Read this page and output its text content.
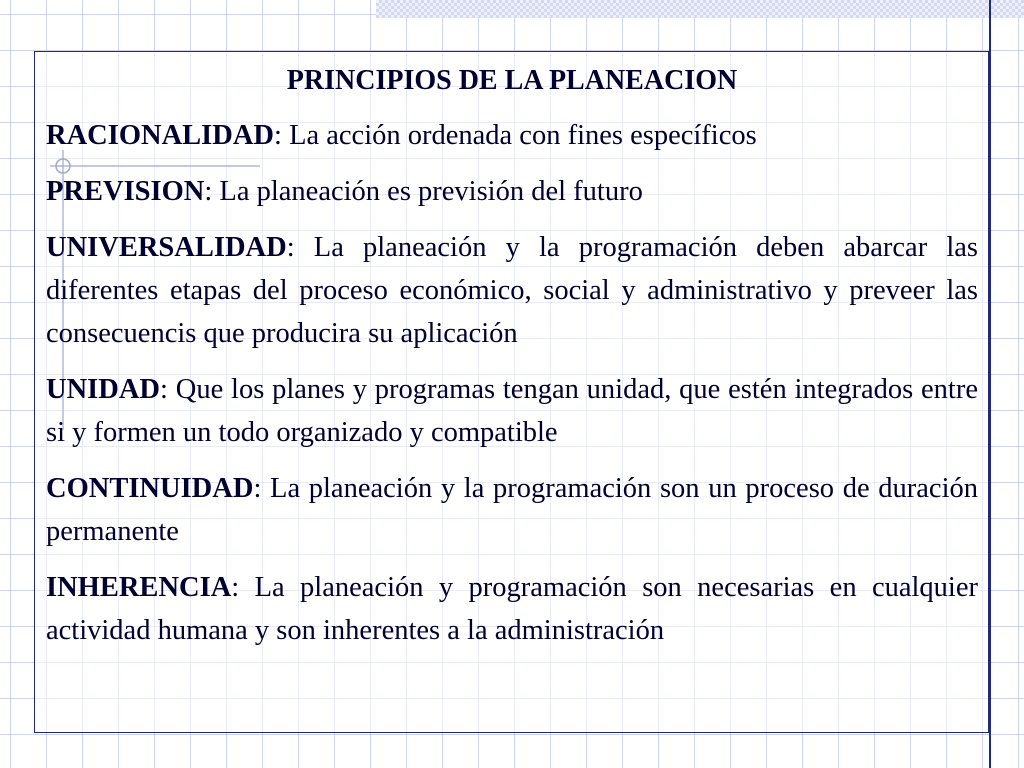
PRINCIPIOS DE LA PLANEACION

RACIONALIDAD: La acción ordenada con fines específicos

PREVISION: La planeación es previsión del futuro

UNIVERSALIDAD: La planeación y la programación deben abarcar las diferentes etapas del proceso económico, social y administrativo y preveer las consecuencis que producira su aplicación

UNIDAD: Que los planes y programas tengan unidad, que estén integrados entre si y formen un todo organizado y compatible

CONTINUIDAD: La planeación y la programación son un proceso de duración permanente

INHERENCIA: La planeación y programación son necesarias en cualquier actividad humana y son inherentes a la administración
